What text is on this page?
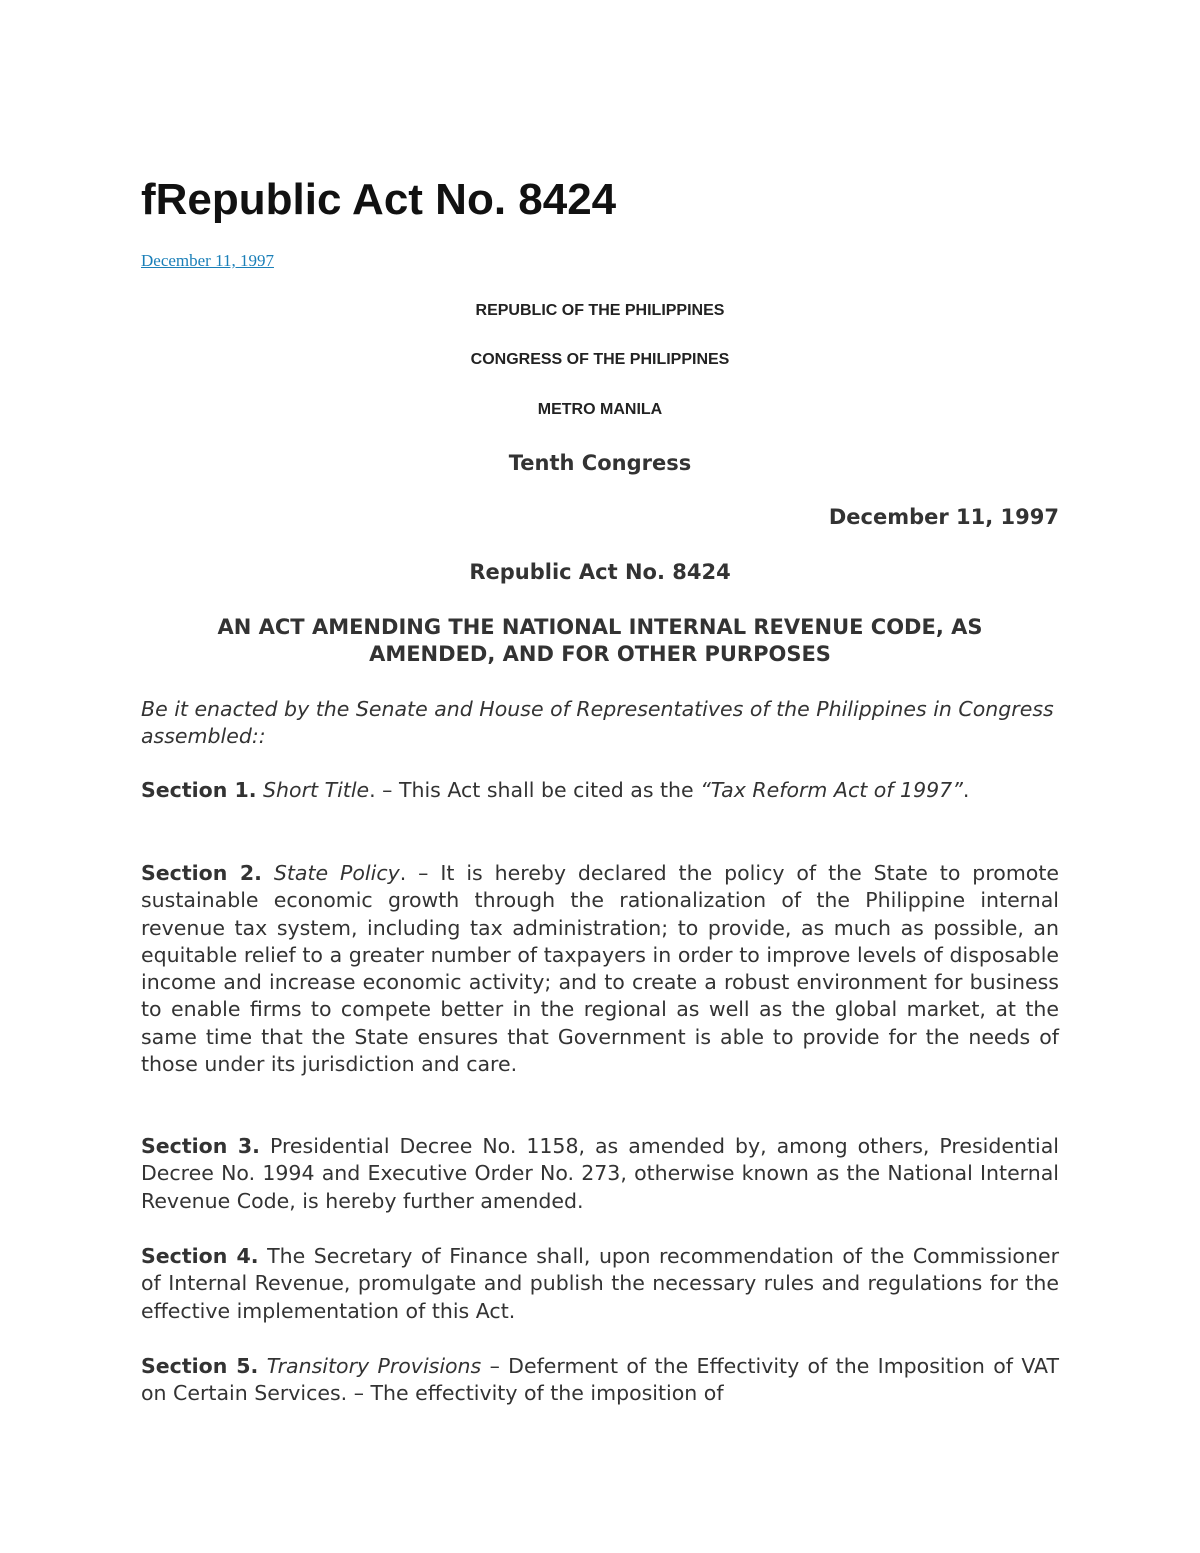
fRepublic Act No. 8424
December 11, 1997
REPUBLIC OF THE PHILIPPINES
CONGRESS OF THE PHILIPPINES
METRO MANILA
Tenth Congress
December 11, 1997
Republic Act No. 8424
AN ACT AMENDING THE NATIONAL INTERNAL REVENUE CODE, AS AMENDED, AND FOR OTHER PURPOSES

Be it enacted by the Senate and House of Representatives of the Philippines in Congress assembled::

Section 1. Short Title. – This Act shall be cited as the “Tax Reform Act of 1997”.

Section 2. State Policy. – It is hereby declared the policy of the State to promote sustainable economic growth through the rationalization of the Philippine internal revenue tax system, including tax administration; to provide, as much as possible, an equitable relief to a greater number of taxpayers in order to improve levels of disposable income and increase economic activity; and to create a robust environment for business to enable firms to compete better in the regional as well as the global market, at the same time that the State ensures that Government is able to provide for the needs of those under its jurisdiction and care.

Section 3. Presidential Decree No. 1158, as amended by, among others, Presidential Decree No. 1994 and Executive Order No. 273, otherwise known as the National Internal Revenue Code, is hereby further amended.

Section 4. The Secretary of Finance shall, upon recommendation of the Commissioner of Internal Revenue, promulgate and publish the necessary rules and regulations for the effective implementation of this Act.

Section 5. Transitory Provisions – Deferment of the Effectivity of the Imposition of VAT on Certain Services. – The effectivity of the imposition of
